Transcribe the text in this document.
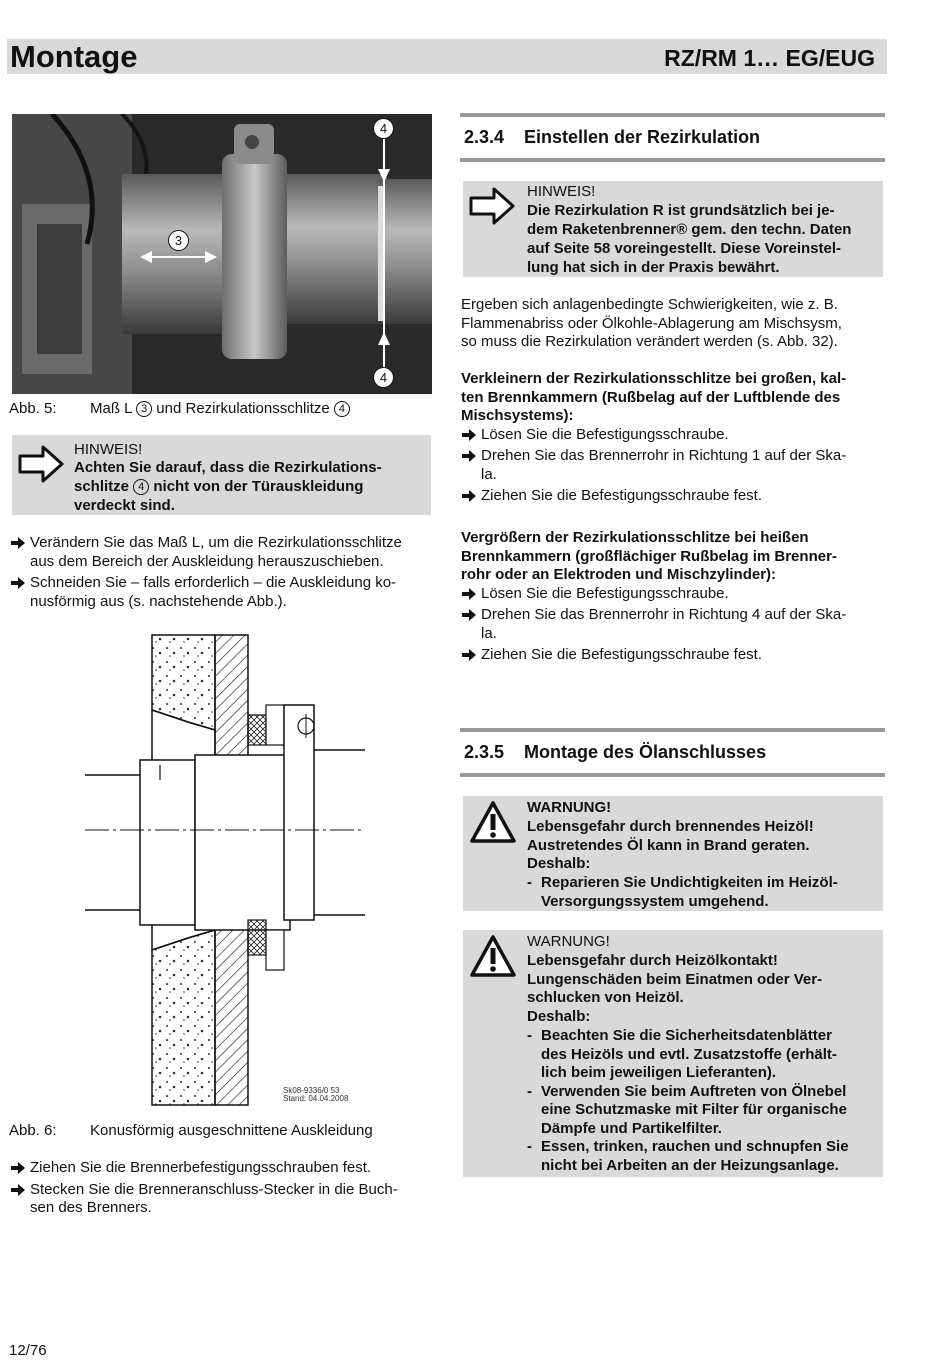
Montage	RZ/RM 1… EG/EUG
4
3
4
Abb. 5: Maß L 3 und Rezirkulationsschlitze 4
HINWEIS!
Achten Sie darauf, dass die Rezirkulations-
schlitze 4 nicht von der Türauskleidung
verdeckt sind.
Verändern Sie das Maß L, um die Rezirkulationsschlitze
aus dem Bereich der Auskleidung herauszuschieben.
Schneiden Sie – falls erforderlich – die Auskleidung ko-
nusförmig aus (s. nachstehende Abb.).
Sk08-9336/0 53
Stand: 04.04.2008
Abb. 6: Konusförmig ausgeschnittene Auskleidung
Ziehen Sie die Brennerbefestigungsschrauben fest.
Stecken Sie die Brenneranschluss-Stecker in die Buch-
sen des Brenners.
12/76
2.3.4 Einstellen der Rezirkulation
HINWEIS!
Die Rezirkulation R ist grundsätzlich bei je-
dem Raketenbrenner® gem. den techn. Daten
auf Seite 58 voreingestellt. Diese Voreinstel-
lung hat sich in der Praxis bewährt.
Ergeben sich anlagenbedingte Schwierigkeiten, wie z. B.
Flammenabriss oder Ölkohle-Ablagerung am Mischsysm,
so muss die Rezirkulation verändert werden (s. Abb. 32).
Verkleinern der Rezirkulationsschlitze bei großen, kal-
ten Brennkammern (Rußbelag auf der Luftblende des
Mischsystems):
Lösen Sie die Befestigungsschraube.
Drehen Sie das Brennerrohr in Richtung 1 auf der Ska-
la.
Ziehen Sie die Befestigungsschraube fest.
Vergrößern der Rezirkulationsschlitze bei heißen
Brennkammern (großflächiger Rußbelag im Brenner-
rohr oder an Elektroden und Mischzylinder):
Lösen Sie die Befestigungsschraube.
Drehen Sie das Brennerrohr in Richtung 4 auf der Ska-
la.
Ziehen Sie die Befestigungsschraube fest.
2.3.5 Montage des Ölanschlusses
WARNUNG!
Lebensgefahr durch brennendes Heizöl!
Austretendes Öl kann in Brand geraten.
Deshalb:
- Reparieren Sie Undichtigkeiten im Heizöl-
Versorgungssystem umgehend.
WARNUNG!
Lebensgefahr durch Heizölkontakt!
Lungenschäden beim Einatmen oder Ver-
schlucken von Heizöl.
Deshalb:
- Beachten Sie die Sicherheitsdatenblätter
des Heizöls und evtl. Zusatzstoffe (erhält-
lich beim jeweiligen Lieferanten).
- Verwenden Sie beim Auftreten von Ölnebel
eine Schutzmaske mit Filter für organische
Dämpfe und Partikelfilter.
- Essen, trinken, rauchen und schnupfen Sie
nicht bei Arbeiten an der Heizungsanlage.
